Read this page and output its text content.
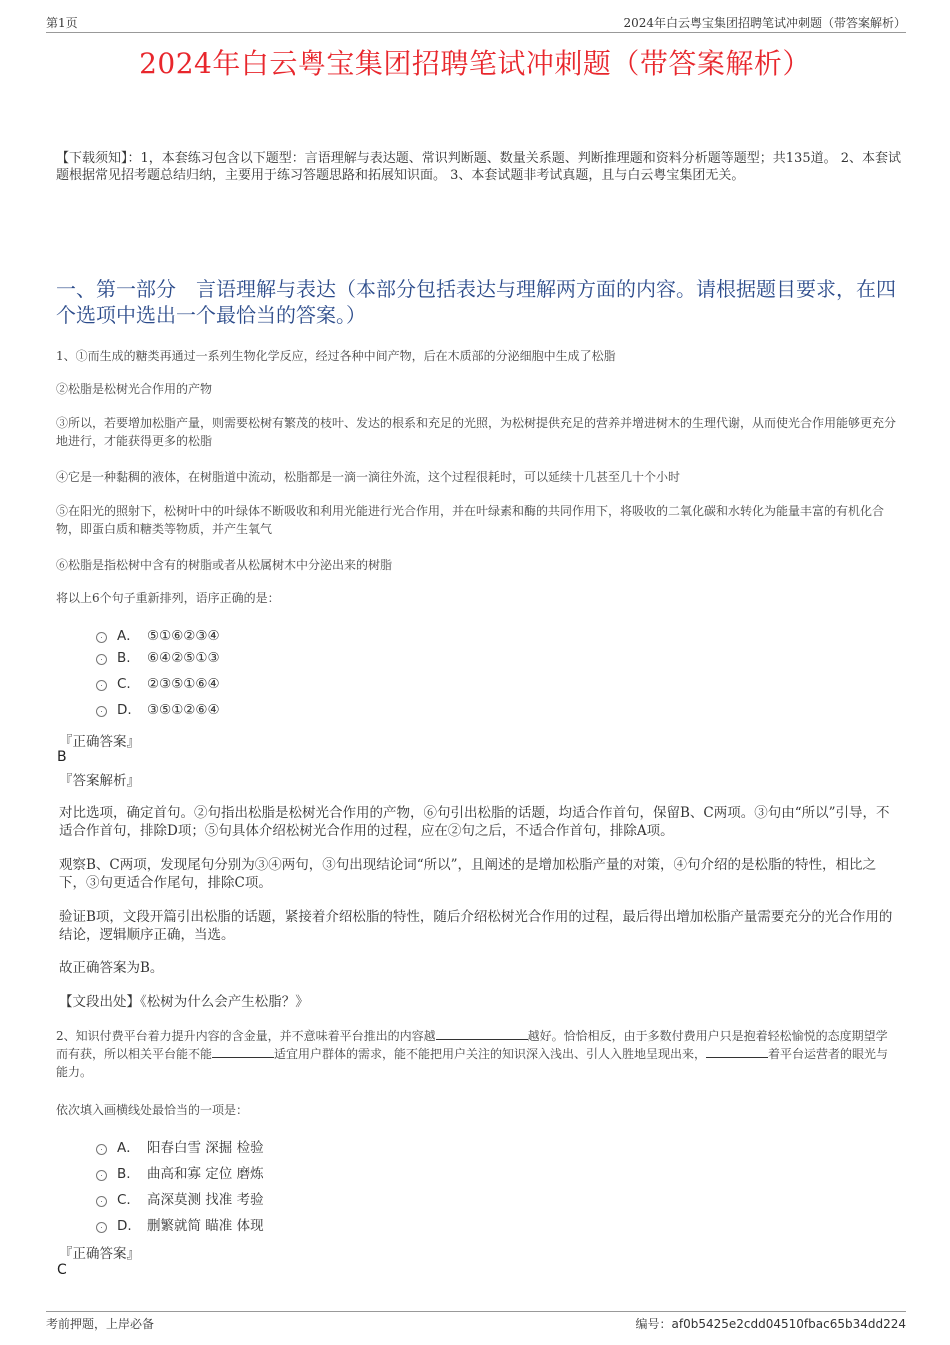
第1页	2024年白云粤宝集团招聘笔试冲刺题（带答案解析）
2024年白云粤宝集团招聘笔试冲刺题（带答案解析）
【下载须知】：1，本套练习包含以下题型：言语理解与表达题、常识判断题、数量关系题、判断推理题和资料分析题等题型；共135道。 2、本套试题根据常见招考题总结归纳，主要用于练习答题思路和拓展知识面。 3、本套试题非考试真题，且与白云粤宝集团无关。
一、第一部分　言语理解与表达（本部分包括表达与理解两方面的内容。请根据题目要求，在四个选项中选出一个最恰当的答案。）
1、①而生成的糖类再通过一系列生物化学反应，经过各种中间产物，后在木质部的分泌细胞中生成了松脂
②松脂是松树光合作用的产物
③所以，若要增加松脂产量，则需要松树有繁茂的枝叶、发达的根系和充足的光照，为松树提供充足的营养并增进树木的生理代谢，从而使光合作用能够更充分地进行，才能获得更多的松脂
④它是一种黏稠的液体，在树脂道中流动，松脂都是一滴一滴往外流，这个过程很耗时，可以延续十几甚至几十个小时
⑤在阳光的照射下，松树叶中的叶绿体不断吸收和利用光能进行光合作用，并在叶绿素和酶的共同作用下，将吸收的二氧化碳和水转化为能量丰富的有机化合物，即蛋白质和糖类等物质，并产生氧气
⑥松脂是指松树中含有的树脂或者从松属树木中分泌出来的树脂
将以上6个句子重新排列，语序正确的是：
A． ⑤①⑥②③④
B. ⑥④②⑤①③
C. ②③⑤①⑥④
D. ③⑤①②⑥④
『正确答案』
B
『答案解析』
对比选项，确定首句。②句指出松脂是松树光合作用的产物，⑥句引出松脂的话题，均适合作首句，保留B、C两项。③句由“所以”引导，不适合作首句，排除D项；⑤句具体介绍松树光合作用的过程，应在②句之后，不适合作首句，排除A项。
观察B、C两项，发现尾句分别为③④两句，③句出现结论词“所以”，且阐述的是增加松脂产量的对策，④句介绍的是松脂的特性，相比之下，③句更适合作尾句，排除C项。
验证B项，文段开篇引出松脂的话题，紧接着介绍松脂的特性，随后介绍松树光合作用的过程，最后得出增加松脂产量需要充分的光合作用的结论，逻辑顺序正确，当选。
故正确答案为B。
【文段出处】《松树为什么会产生松脂？》
2、知识付费平台着力提升内容的含金量，并不意味着平台推出的内容越	越好。恰恰相反，由于多数付费用户只是抱着轻松愉悦的态度期望学而有获，所以相关平台能不能	适宜用户群体的需求，能不能把用户关注的知识深入浅出、引人入胜地呈现出来，	着平台运营者的眼光与能力。
依次填入画横线处最恰当的一项是：
A． 阳春白雪 深掘 检验
B. 曲高和寡 定位 磨炼
C. 高深莫测 找准 考验
D. 删繁就简 瞄准 体现
『正确答案』
C
考前押题，上岸必备	编号：af0b5425e2cdd04510fbac65b34dd224
